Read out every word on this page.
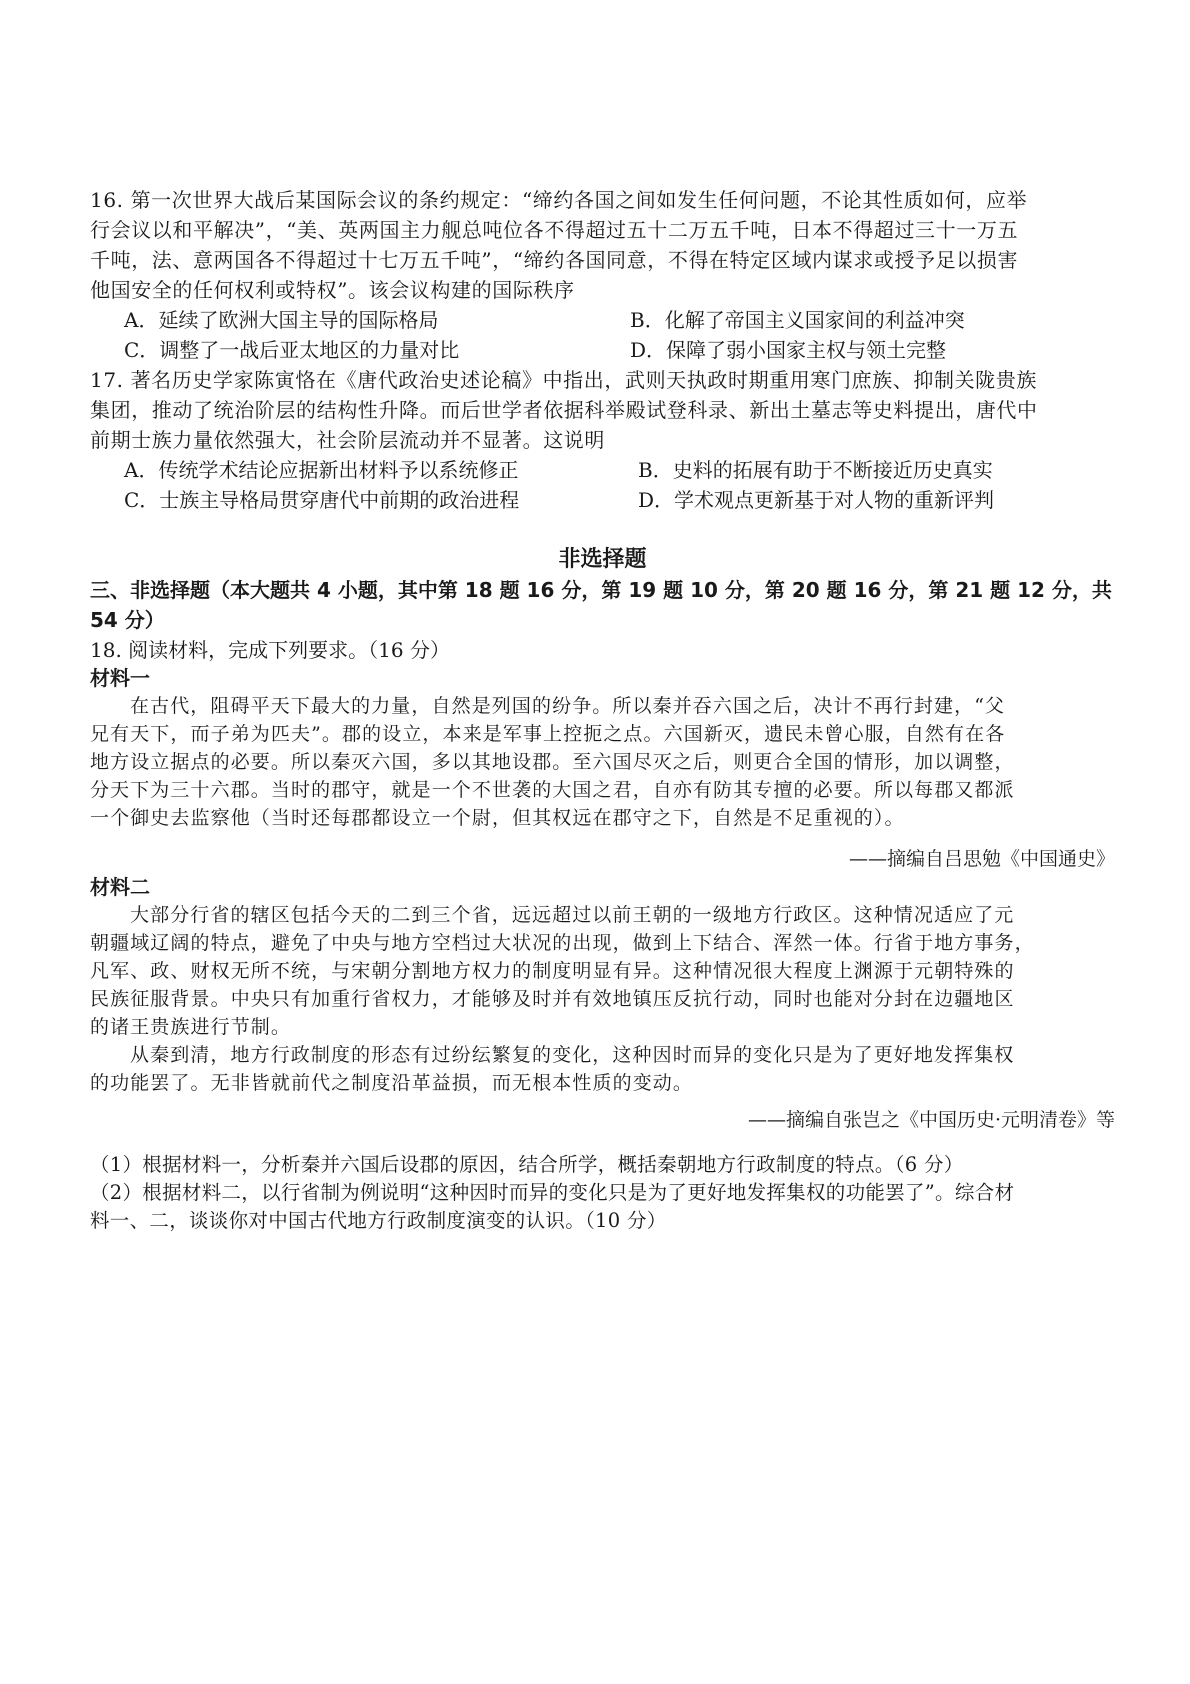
16. 第一次世界大战后某国际会议的条约规定：“缔约各国之间如发生任何问题，不论其性质如何，应举
行会议以和平解决”，“美、英两国主力舰总吨位各不得超过五十二万五千吨，日本不得超过三十一万五
千吨，法、意两国各不得超过十七万五千吨”，“缔约各国同意，不得在特定区域内谋求或授予足以损害
他国安全的任何权利或特权”。该会议构建的国际秩序
A．延续了欧洲大国主导的国际格局	B．化解了帝国主义国家间的利益冲突
C．调整了一战后亚太地区的力量对比	D．保障了弱小国家主权与领土完整
17. 著名历史学家陈寅恪在《唐代政治史述论稿》中指出，武则天执政时期重用寒门庶族、抑制关陇贵族
集团，推动了统治阶层的结构性升降。而后世学者依据科举殿试登科录、新出土墓志等史料提出，唐代中
前期士族力量依然强大，社会阶层流动并不显著。这说明
A．传统学术结论应据新出材料予以系统修正	B．史料的拓展有助于不断接近历史真实
C．士族主导格局贯穿唐代中前期的政治进程	D．学术观点更新基于对人物的重新评判
非选择题
三、非选择题（本大题共 4 小题，其中第 18 题 16 分，第 19 题 10 分，第 20 题 16 分，第 21 题 12 分，共
54 分）
18. 阅读材料，完成下列要求。（16 分）
材料一
在古代，阻碍平天下最大的力量，自然是列国的纷争。所以秦并吞六国之后，决计不再行封建，“父
兄有天下，而子弟为匹夫”。郡的设立，本来是军事上控扼之点。六国新灭，遗民未曾心服，自然有在各
地方设立据点的必要。所以秦灭六国，多以其地设郡。至六国尽灭之后，则更合全国的情形，加以调整，
分天下为三十六郡。当时的郡守，就是一个不世袭的大国之君，自亦有防其专擅的必要。所以每郡又都派
一个御史去监察他（当时还每郡都设立一个尉，但其权远在郡守之下，自然是不足重视的）。
——摘编自吕思勉《中国通史》
材料二
大部分行省的辖区包括今天的二到三个省，远远超过以前王朝的一级地方行政区。这种情况适应了元
朝疆域辽阔的特点，避免了中央与地方空档过大状况的出现，做到上下结合、浑然一体。行省于地方事务，
凡军、政、财权无所不统，与宋朝分割地方权力的制度明显有异。这种情况很大程度上渊源于元朝特殊的
民族征服背景。中央只有加重行省权力，才能够及时并有效地镇压反抗行动，同时也能对分封在边疆地区
的诸王贵族进行节制。
从秦到清，地方行政制度的形态有过纷纭繁复的变化，这种因时而异的变化只是为了更好地发挥集权
的功能罢了。无非皆就前代之制度沿革益损，而无根本性质的变动。
——摘编自张岂之《中国历史·元明清卷》等
（1）根据材料一，分析秦并六国后设郡的原因，结合所学，概括秦朝地方行政制度的特点。（6 分）
（2）根据材料二，以行省制为例说明“这种因时而异的变化只是为了更好地发挥集权的功能罢了”。综合材
料一、二，谈谈你对中国古代地方行政制度演变的认识。（10 分）
